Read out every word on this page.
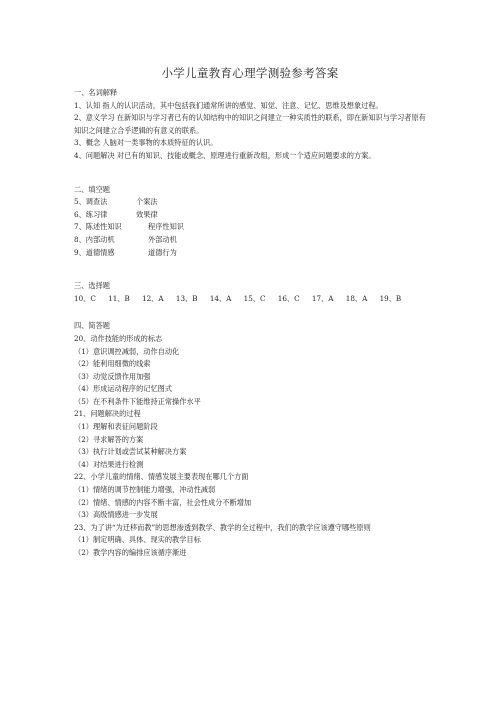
小学儿童教育心理学测验参考答案
一、名词解释
1、认知 指人的认识活动，其中包括我们通常所讲的感觉、知觉、注意、记忆、思维及想象过程。
2、意义学习 在新知识与学习者已有的认知结构中的知识之间建立一种实质性的联系，即在新知识与学习者原有知识之间建立合乎逻辑的有意义的联系。
3、概念 人脑对一类事物的本质特征的认识。
4、问题解决 对已有的知识、技能或概念、原理进行重新改组，形成一个适应问题要求的方案。
二、填空题
5、调查法	个案法
6、练习律	效果律
7、陈述性知识	程序性知识
8、内部动机	外部动机
9、道德情感	道德行为
三、选择题
10、C 11、B 12、A 13、B 14、A 15、C 16、C 17、A 18、A 19、B
四、简答题
20、动作技能的形成的标志
（1）意识调控减弱，动作自动化
（2）能利用细微的线索
（3）动觉反馈作用加强
（4）形成运动程序的记忆图式
（5）在不利条件下能维持正常操作水平
21、问题解决的过程
（1）理解和表征问题阶段
（2）寻求解答的方案
（3）执行计划或尝试某种解决方案
（4）对结果进行检测
22、小学儿童的情绪、情感发展主要表现在哪几个方面
（1）情绪的调节控制能力增强，冲动性减弱
（2）情绪、情感的内容不断丰富，社会性成分不断增加
（3）高级情感进一步发展
23、为了讲“为迁移而教”的思想渗透到教学、教学的全过程中，我们的教学应该遵守哪些原则
（1）制定明确、具体、现实的教学目标
（2）教学内容的编排应该循序渐进
